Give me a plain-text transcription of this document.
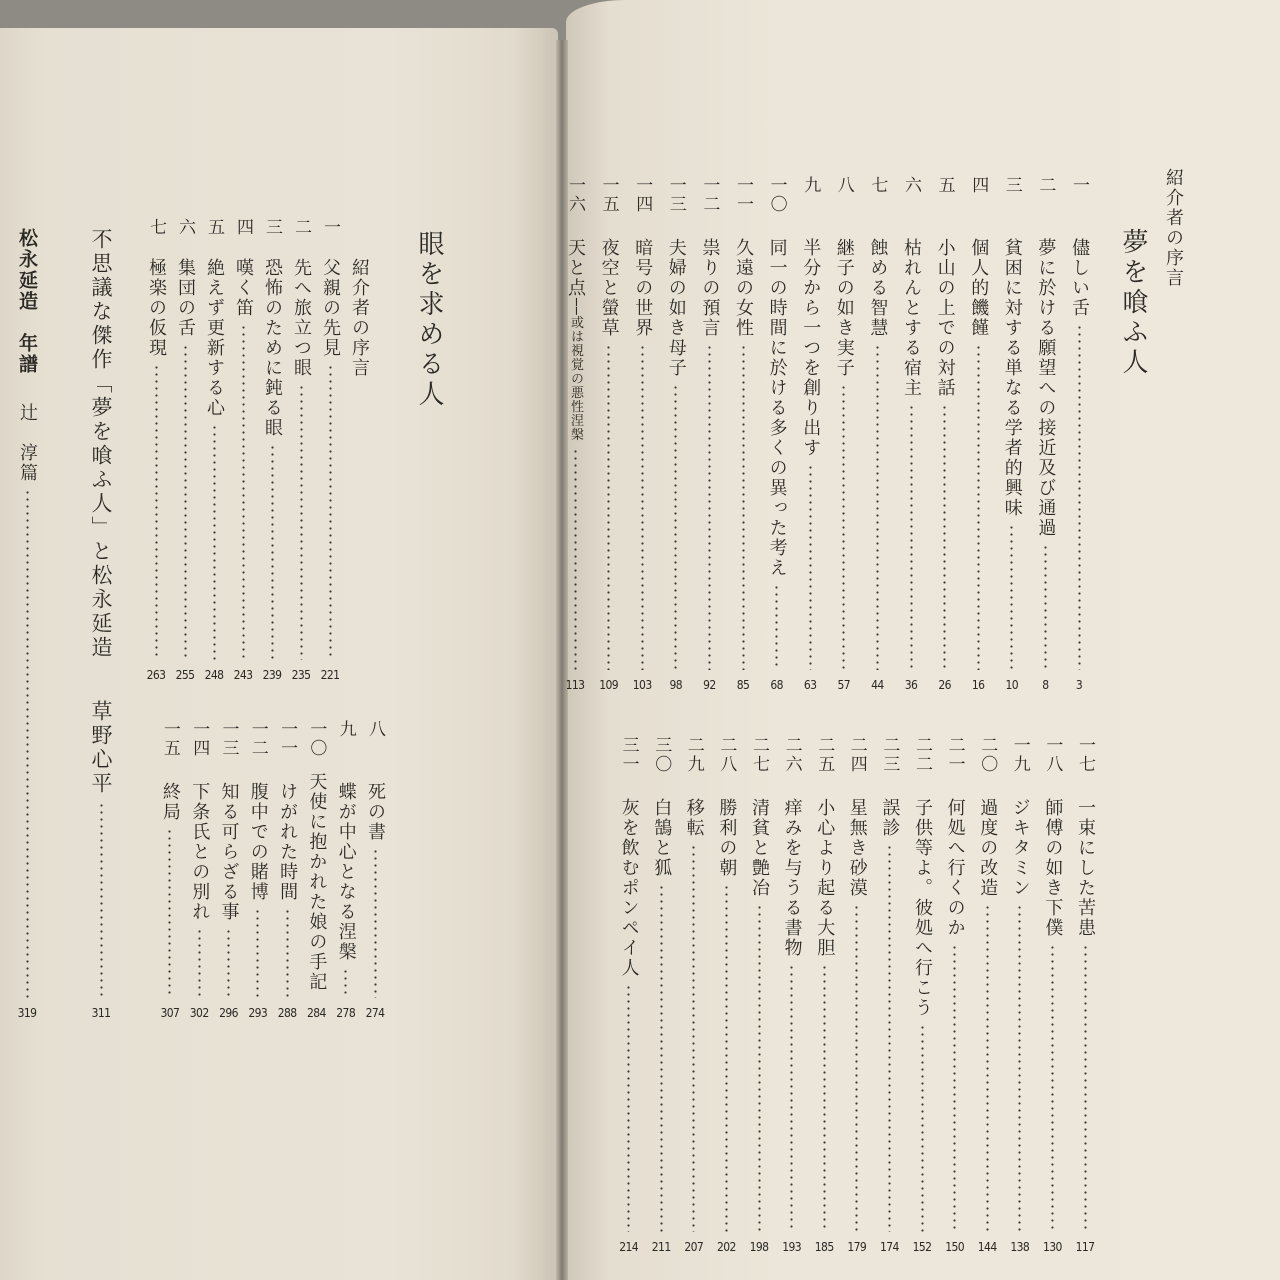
紹介者の序言
夢を喰ふ人
一
儘しい舌
3
二
夢に於ける願望への接近及び通過
8
三
貧困に対する単なる学者的興味
10
四
個人的饑饉
16
五
小山の上での対話
26
六
枯れんとする宿主
36
七
蝕める智慧
44
八
継子の如き実子
57
九
半分から一つを創り出す
63
一〇
同一の時間に於ける多くの異った考え
68
一一
久遠の女性
85
一二
祟りの預言
92
一三
夫婦の如き母子
98
一四
暗号の世界
103
一五
夜空と螢草
109
一六
天と点
──或は視覚の悪性涅槃
113
一七
一束にした苦患
117
一八
師傅の如き下僕
130
一九
ジキタミン
138
二〇
過度の改造
144
二一
何処へ行くのか
150
二二
子供等よ。彼処へ行こう
152
二三
誤診
174
二四
星無き砂漠
179
二五
小心より起る大胆
185
二六
痒みを与うる書物
193
二七
清貧と艶冶
198
二八
勝利の朝
202
二九
移転
207
三〇
白鵠と狐
211
三一
灰を飲むポンペイ人
214
眼を求める人
紹介者の序言
一
父親の先見
221
二
先へ旅立つ眼
235
三
恐怖のために鈍る眼
239
四
嘆く笛
243
五
絶えず更新する心
248
六
集団の舌
255
七
極楽の仮現
263
八
死の書
274
九
蝶が中心となる涅槃
278
一〇
天使に抱かれた娘の手記
284
一一
けがれた時間
288
一二
腹中での賭博
293
一三
知る可らざる事
296
一四
下条氏との別れ
302
一五
終局
307
不思議な傑作「夢を喰ふ人」と松永延造
草野心平
311
松永延造　年譜
辻　淳篇
319
